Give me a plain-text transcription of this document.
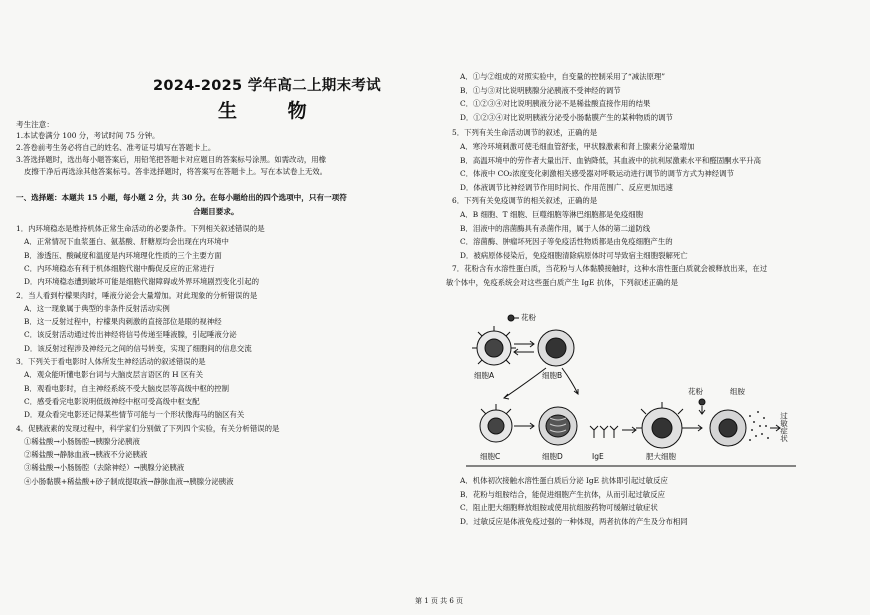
2024-2025 学年高二上期末考试
生 物
考生注意：
1.本试卷满分 100 分，考试时间 75 分钟。
2.答卷前考生务必将自己的姓名、准考证号填写在答题卡上。
3.答选择题时，选出每小题答案后，用铅笔把答题卡对应题目的答案标号涂黑。如需改动，用橡
皮擦干净后再选涂其他答案标号。答非选择题时，将答案写在答题卡上。写在本试卷上无效。
一、选择题：本题共 15 小题，每小题 2 分，共 30 分。在每小题给出的四个选项中，只有一项符
合题目要求。
1．内环境稳态是维持机体正常生命活动的必要条件。下列相关叙述错误的是
A．正常情况下血浆蛋白、氨基酸、肝糖原均会出现在内环境中
B．渗透压、酸碱度和温度是内环境理化性质的三个主要方面
C．内环境稳态有利于机体细胞代谢中酶促反应的正常进行
D．内环境稳态遭到破坏可能是细胞代谢障碍或外界环境剧烈变化引起的
2．当人看到柠檬果肉时，唾液分泌会大量增加。对此现象的分析错误的是
A．这一现象属于典型的非条件反射活动实例
B．这一反射过程中，柠檬果肉刺激的直接部位是眼的视神经
C．该反射活动通过传出神经将信号传递至唾液腺，引起唾液分泌
D．该反射过程涉及神经元之间的信号转变，实现了细胞间的信息交流
3．下列关于看电影时人体所发生神经活动的叙述错误的是
A．观众能听懂电影台词与大脑皮层言语区的 H 区有关
B．观看电影时，自主神经系统不受大脑皮层等高级中枢的控制
C．感受看完电影说明低级神经中枢可受高级中枢支配
D．观众看完电影还记得某些情节可能与一个形状像海马的脑区有关
4．促胰液素的发现过程中，科学家们分别做了下列四个实验，有关分析错误的是
①稀盐酸→小肠肠腔→胰腺分泌胰液
②稀盐酸→静脉血液→胰液不分泌胰液
③稀盐酸→小肠肠腔（去除神经）→胰腺分泌胰液
④小肠黏膜+稀盐酸+砂子制成提取液→静脉血液→胰腺分泌胰液
A．①与②组成的对照实验中，自变量的控制采用了“减法原理”
B．①与③对比说明胰腺分泌胰液不受神经的调节
C．①②③④对比说明胰液分泌不是稀盐酸直接作用的结果
D．①②③④对比说明胰液分泌受小肠黏膜产生的某种物质的调节
5．下列有关生命活动调节的叙述，正确的是
A．寒冷环境刺激可使毛细血管舒张，甲状腺激素和肾上腺素分泌量增加
B．高温环境中的劳作者大量出汗、血钠降低，其血液中的抗利尿激素水平和醛固酮水平升高
C．体液中 CO₂浓度变化刺激相关感受器对呼吸运动进行调节的调节方式为神经调节
D．体液调节比神经调节作用时间长、作用范围广、反应更加迅速
6．下列有关免疫调节的相关叙述，正确的是
A．B 细胞、T 细胞、巨噬细胞等淋巴细胞都是免疫细胞
B．泪液中的溶菌酶具有杀菌作用，属于人体的第二道防线
C．溶菌酶、肿瘤坏死因子等免疫活性物质都是由免疫细胞产生的
D．被病原体侵染后，免疫细胞清除病原体时可导致宿主细胞裂解死亡
7．花粉含有水溶性蛋白质，当花粉与人体黏膜接触时，这种水溶性蛋白质就会被释放出来，在过
敏个体中，免疫系统会对这些蛋白质产生 IgE 抗体，下列叙述正确的是
A．机体初次接触水溶性蛋白质后分泌 IgE 抗体即引起过敏反应
B．花粉与组胺结合，能促进细胞产生抗体，从而引起过敏反应
C．阻止肥大细胞释放组胺或使用抗组胺药物可缓解过敏症状
D．过敏反应是体液免疫过强的一种体现，两者抗体的产生及分布相同
花粉
细胞A	细胞B
细胞C	细胞D	IgE	肥大细胞
花粉	组胺
过敏症状
第 1 页 共 6 页
